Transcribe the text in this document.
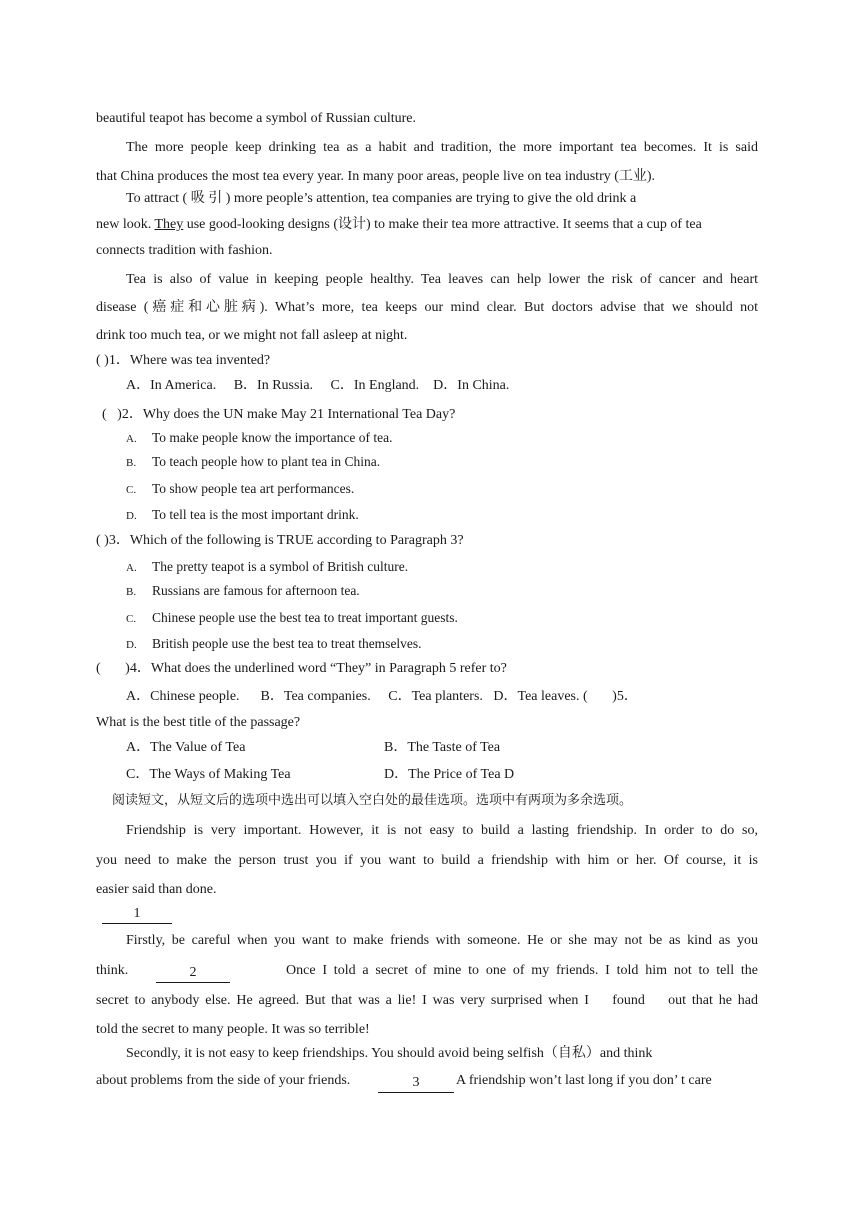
beautiful teapot has become a symbol of Russian culture.
The more people keep drinking tea as a habit and tradition, the more important tea becomes. It is said
that China produces the most tea every year. In many poor areas, people live on tea industry (工业).
To attract ( 吸 引 ) more people’s attention, tea companies are trying to give the old drink a
new look. They use good-looking designs (设计) to make their tea more attractive. It seems that a cup of tea
connects tradition with fashion.
Tea is also of value in keeping people healthy. Tea leaves can help lower the risk of cancer and heart
disease (癌症和心脏病). What’s more, tea keeps our mind clear. But doctors advise that we should not
drink too much tea, or we might not fall asleep at night.
( )1．Where was tea invented?
A．In America.     B．In Russia.     C．In England.    D．In China.
(   )2．Why does the UN make May 21 International Tea Day?
A. To make people know the importance of tea.
B. To teach people how to plant tea in China.
C. To show people tea art performances.
D. To tell tea is the most important drink.
( )3．Which of the following is TRUE according to Paragraph 3?
A. The pretty teapot is a symbol of British culture.
B. Russians are famous for afternoon tea.
C. Chinese people use the best tea to treat important guests.
D. British people use the best tea to treat themselves.
(       )4．What does the underlined word “They” in Paragraph 5 refer to?
A．Chinese people.      B．Tea companies.     C．Tea planters.   D．Tea leaves. (       )5．
What is the best title of the passage?
A．The Value of Tea	B．The Taste of Tea
C．The Ways of Making Tea	D．The Price of Tea D
阅读短文，从短文后的选项中选出可以填入空白处的最佳选项。选项中有两项为多余选项。
Friendship is very important. However, it is not easy to build a lasting friendship. In order to do so,
you need to make the person trust you if you want to build a friendship with him or her. Of course, it is
easier said than done.
1
Firstly, be careful when you want to make friends with someone. He or she may not be as kind as you
think.	2	Once I told a secret of mine to one of my friends. I told him not to tell the
secret to anybody else. He agreed. But that was a lie! I was very surprised when I    found    out that he had
told the secret to many people. It was so terrible!
Secondly, it is not easy to keep friendships. You should avoid being selfish（自私）and think
about problems from the side of your friends.	3	A friendship won’t last long if you don’ t care
